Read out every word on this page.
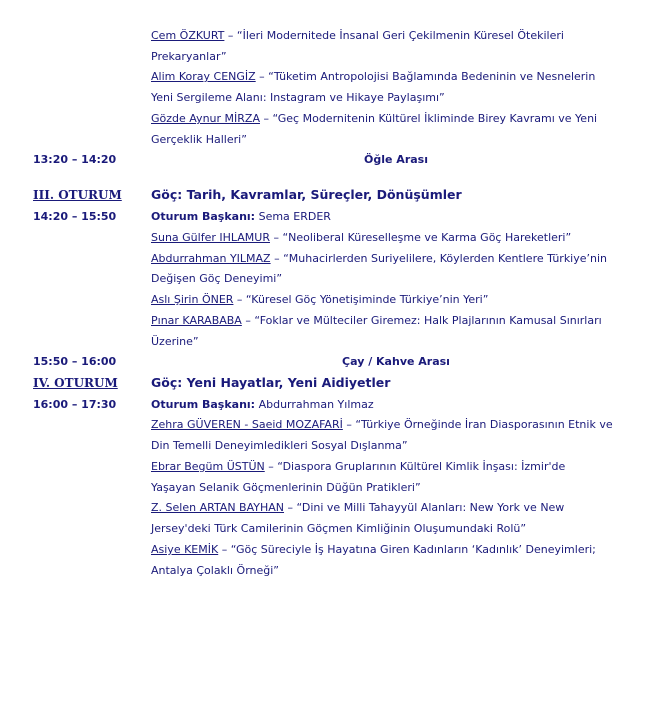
Cem ÖZKURT – “İleri Modernitede İnsanal Geri Çekilmenin Küresel Ötekileri
Prekaryanlar”
Alim Koray CENGİZ – “Tüketim Antropolojisi Bağlamında Bedeninin ve Nesnelerin
Yeni Sergileme Alanı: Instagram ve Hikaye Paylaşımı”
Gözde Aynur MİRZA – “Geç Modernitenin Kültürel İkliminde Birey Kavramı ve Yeni
Gerçeklik Halleri”
13:20 – 14:20	Öğle Arası
III. OTURUM Göç: Tarih, Kavramlar, Süreçler, Dönüşümler
14:20 – 15:50	Oturum Başkanı: Sema ERDER
Suna Gülfer IHLAMUR – “Neoliberal Küreselleşme ve Karma Göç Hareketleri”
Abdurrahman YILMAZ – “Muhacirlerden Suriyelilere, Köylerden Kentlere Türkiye’nin
Değişen Göç Deneyimi”
Aslı Şirin ÖNER – “Küresel Göç Yönetişiminde Türkiye’nin Yeri”
Pınar KARABABA – “Foklar ve Mülteciler Giremez: Halk Plajlarının Kamusal Sınırları
Üzerine”
15:50 – 16:00	Çay / Kahve Arası
IV. OTURUM	Göç: Yeni Hayatlar, Yeni Aidiyetler
16:00 – 17:30	Oturum Başkanı: Abdurrahman Yılmaz
Zehra GÜVEREN - Saeid MOZAFARİ – “Türkiye Örneğinde İran Diasporasının Etnik ve
Din Temelli Deneyimledikleri Sosyal Dışlanma”
Ebrar Begüm ÜSTÜN – “Diaspora Gruplarının Kültürel Kimlik İnşası: İzmir'de
Yaşayan Selanik Göçmenlerinin Düğün Pratikleri”
Z. Selen ARTAN BAYHAN – “Dini ve Milli Tahayyül Alanları: New York ve New
Jersey'deki Türk Camilerinin Göçmen Kimliğinin Oluşumundaki Rolü”
Asiye KEMİK – “Göç Süreciyle İş Hayatına Giren Kadınların ‘Kadınlık’ Deneyimleri;
Antalya Çolaklı Örneği”
